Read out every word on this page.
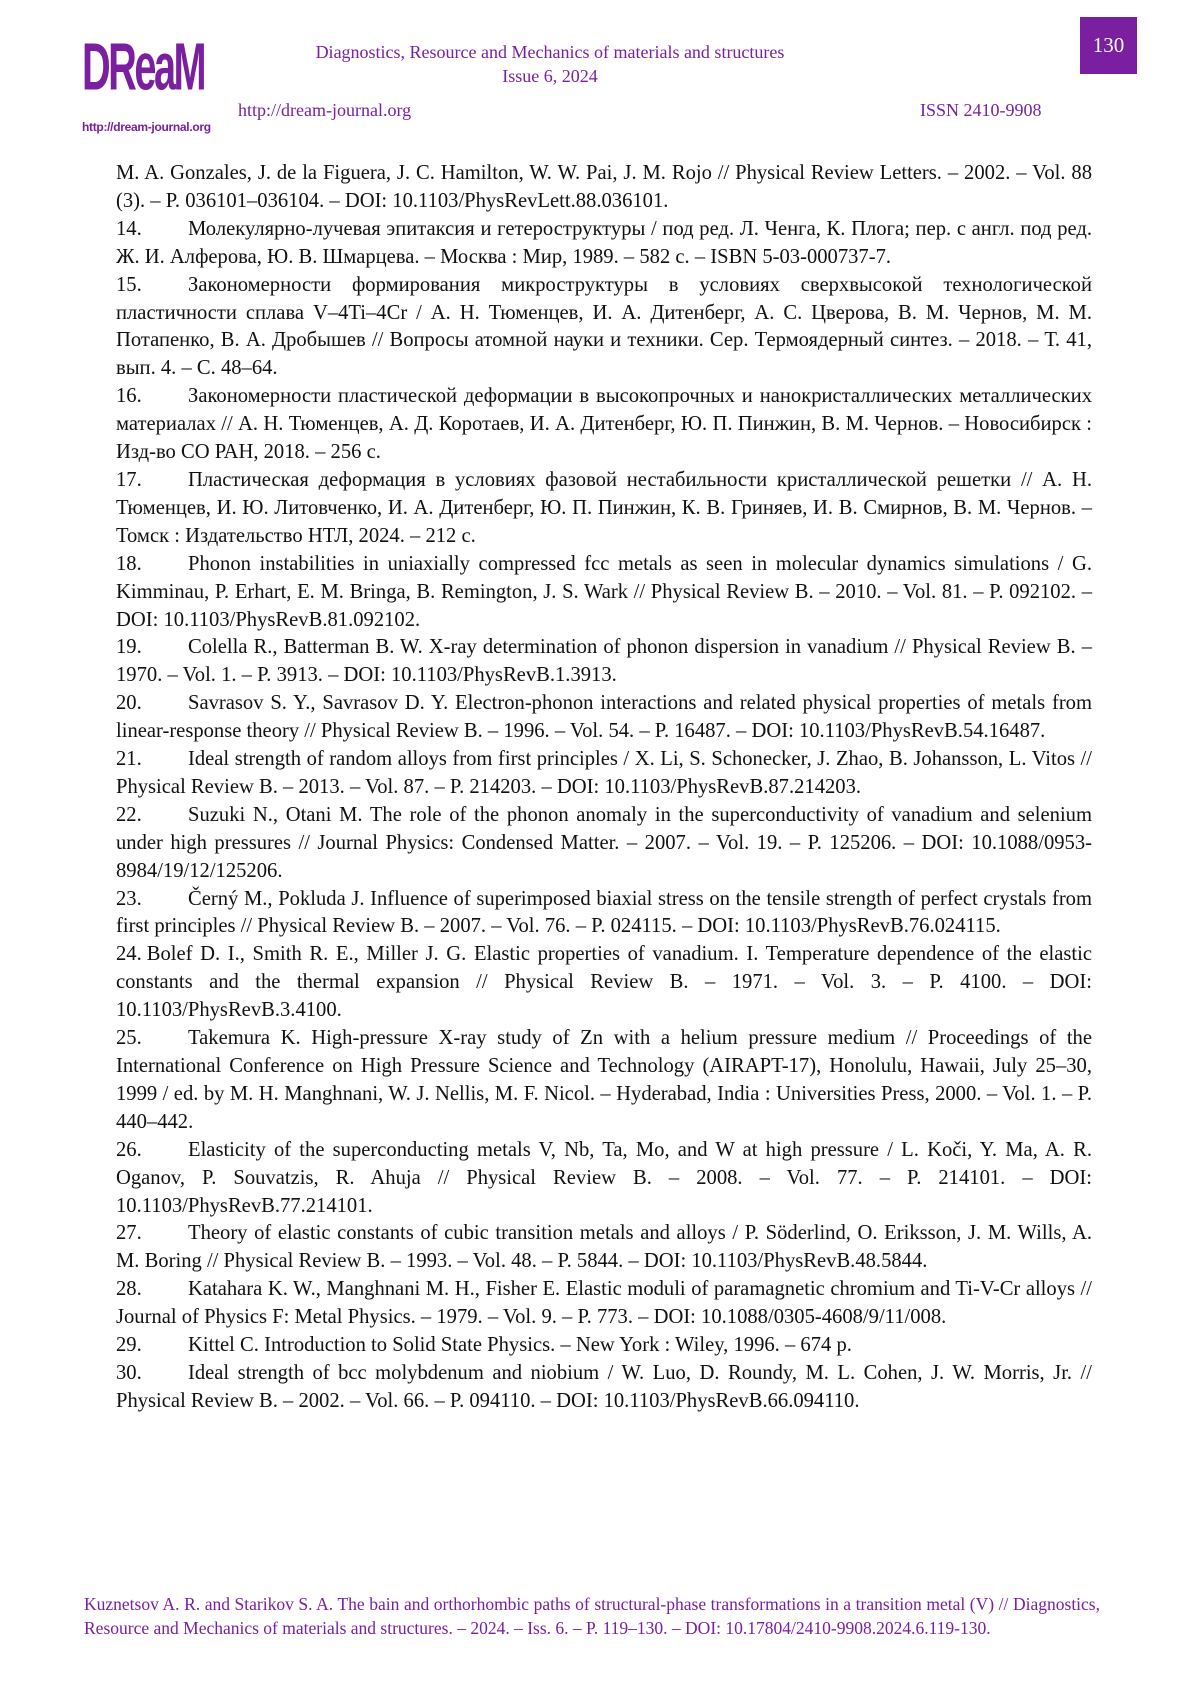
DReaM
http://dream-journal.org
Diagnostics, Resource and Mechanics of materials and structures
Issue 6, 2024
130
http://dream-journal.org	ISSN 2410-9908

M. A. Gonzales, J. de la Figuera, J. C. Hamilton, W. W. Pai, J. M. Rojo // Physical Review Letters. – 2002. – Vol. 88 (3). – P. 036101–036104. – DOI: 10.1103/PhysRevLett.88.036101.

14. Молекулярно-лучевая эпитаксия и гетероструктуры / под ред. Л. Ченга, К. Плога; пер. с англ. под ред. Ж. И. Алферова, Ю. В. Шмарцева. – Москва : Мир, 1989. – 582 с. – ISBN 5-03-000737-7.

15. Закономерности формирования микроструктуры в условиях сверхвысокой технологической пластичности сплава V–4Ti–4Cr / А. Н. Тюменцев, И. А. Дитенберг, А. С. Цверова, В. М. Чернов, М. М. Потапенко, В. А. Дробышев // Вопросы атомной науки и техники. Сер. Термоядерный синтез. – 2018. – Т. 41, вып. 4. – С. 48–64.

16. Закономерности пластической деформации в высокопрочных и нанокристаллических металлических материалах // А. Н. Тюменцев, А. Д. Коротаев, И. А. Дитенберг, Ю. П. Пинжин, В. М. Чернов. – Новосибирск : Изд-во СО РАН, 2018. – 256 с.

17. Пластическая деформация в условиях фазовой нестабильности кристаллической решетки // А. Н. Тюменцев, И. Ю. Литовченко, И. А. Дитенберг, Ю. П. Пинжин, К. В. Гриняев, И. В. Смирнов, В. М. Чернов. – Томск : Издательство НТЛ, 2024. – 212 с.

18. Phonon instabilities in uniaxially compressed fcc metals as seen in molecular dynamics simulations / G. Kimminau, P. Erhart, E. M. Bringa, B. Remington, J. S. Wark // Physical Review B. – 2010. – Vol. 81. – P. 092102. – DOI: 10.1103/PhysRevB.81.092102.

19. Colella R., Batterman B. W. X-ray determination of phonon dispersion in vanadium // Physical Review B. – 1970. – Vol. 1. – P. 3913. – DOI: 10.1103/PhysRevB.1.3913.

20. Savrasov S. Y., Savrasov D. Y. Electron-phonon interactions and related physical properties of metals from linear-response theory // Physical Review B. – 1996. – Vol. 54. – P. 16487. – DOI: 10.1103/PhysRevB.54.16487.

21. Ideal strength of random alloys from first principles / X. Li, S. Schonecker, J. Zhao, B. Johansson, L. Vitos // Physical Review B. – 2013. – Vol. 87. – P. 214203. – DOI: 10.1103/PhysRevB.87.214203.

22. Suzuki N., Otani M. The role of the phonon anomaly in the superconductivity of vanadium and selenium under high pressures // Journal Physics: Condensed Matter. – 2007. – Vol. 19. – P. 125206. – DOI: 10.1088/0953-8984/19/12/125206.

23. Černý M., Pokluda J. Influence of superimposed biaxial stress on the tensile strength of perfect crystals from first principles // Physical Review B. – 2007. – Vol. 76. – P. 024115. – DOI: 10.1103/PhysRevB.76.024115.

24. Bolef D. I., Smith R. E., Miller J. G. Elastic properties of vanadium. I. Temperature dependence of the elastic constants and the thermal expansion // Physical Review B. – 1971. – Vol. 3. – P. 4100. – DOI: 10.1103/PhysRevB.3.4100.

25. Takemura K. High-pressure X-ray study of Zn with a helium pressure medium // Proceedings of the International Conference on High Pressure Science and Technology (AIRAPT-17), Honolulu, Hawaii, July 25–30, 1999 / ed. by M. H. Manghnani, W. J. Nellis, M. F. Nicol. – Hyderabad, India : Universities Press, 2000. – Vol. 1. – P. 440–442.

26. Elasticity of the superconducting metals V, Nb, Ta, Mo, and W at high pressure / L. Koči, Y. Ma, A. R. Oganov, P. Souvatzis, R. Ahuja // Physical Review B. – 2008. – Vol. 77. – P. 214101. – DOI: 10.1103/PhysRevB.77.214101.

27. Theory of elastic constants of cubic transition metals and alloys / P. Söderlind, O. Eriksson, J. M. Wills, A. M. Boring // Physical Review B. – 1993. – Vol. 48. – P. 5844. – DOI: 10.1103/PhysRevB.48.5844.

28. Katahara K. W., Manghnani M. H., Fisher E. Elastic moduli of paramagnetic chromium and Ti-V-Cr alloys // Journal of Physics F: Metal Physics. – 1979. – Vol. 9. – P. 773. – DOI: 10.1088/0305-4608/9/11/008.

29. Kittel C. Introduction to Solid State Physics. – New York : Wiley, 1996. – 674 p.

30. Ideal strength of bcc molybdenum and niobium / W. Luo, D. Roundy, M. L. Cohen, J. W. Morris, Jr. // Physical Review B. – 2002. – Vol. 66. – P. 094110. – DOI: 10.1103/PhysRevB.66.094110.

Kuznetsov A. R. and Starikov S. A. The bain and orthorhombic paths of structural-phase transformations in a transition metal (V) // Diagnostics, Resource and Mechanics of materials and structures. – 2024. – Iss. 6. – P. 119–130. – DOI: 10.17804/2410-9908.2024.6.119-130.
